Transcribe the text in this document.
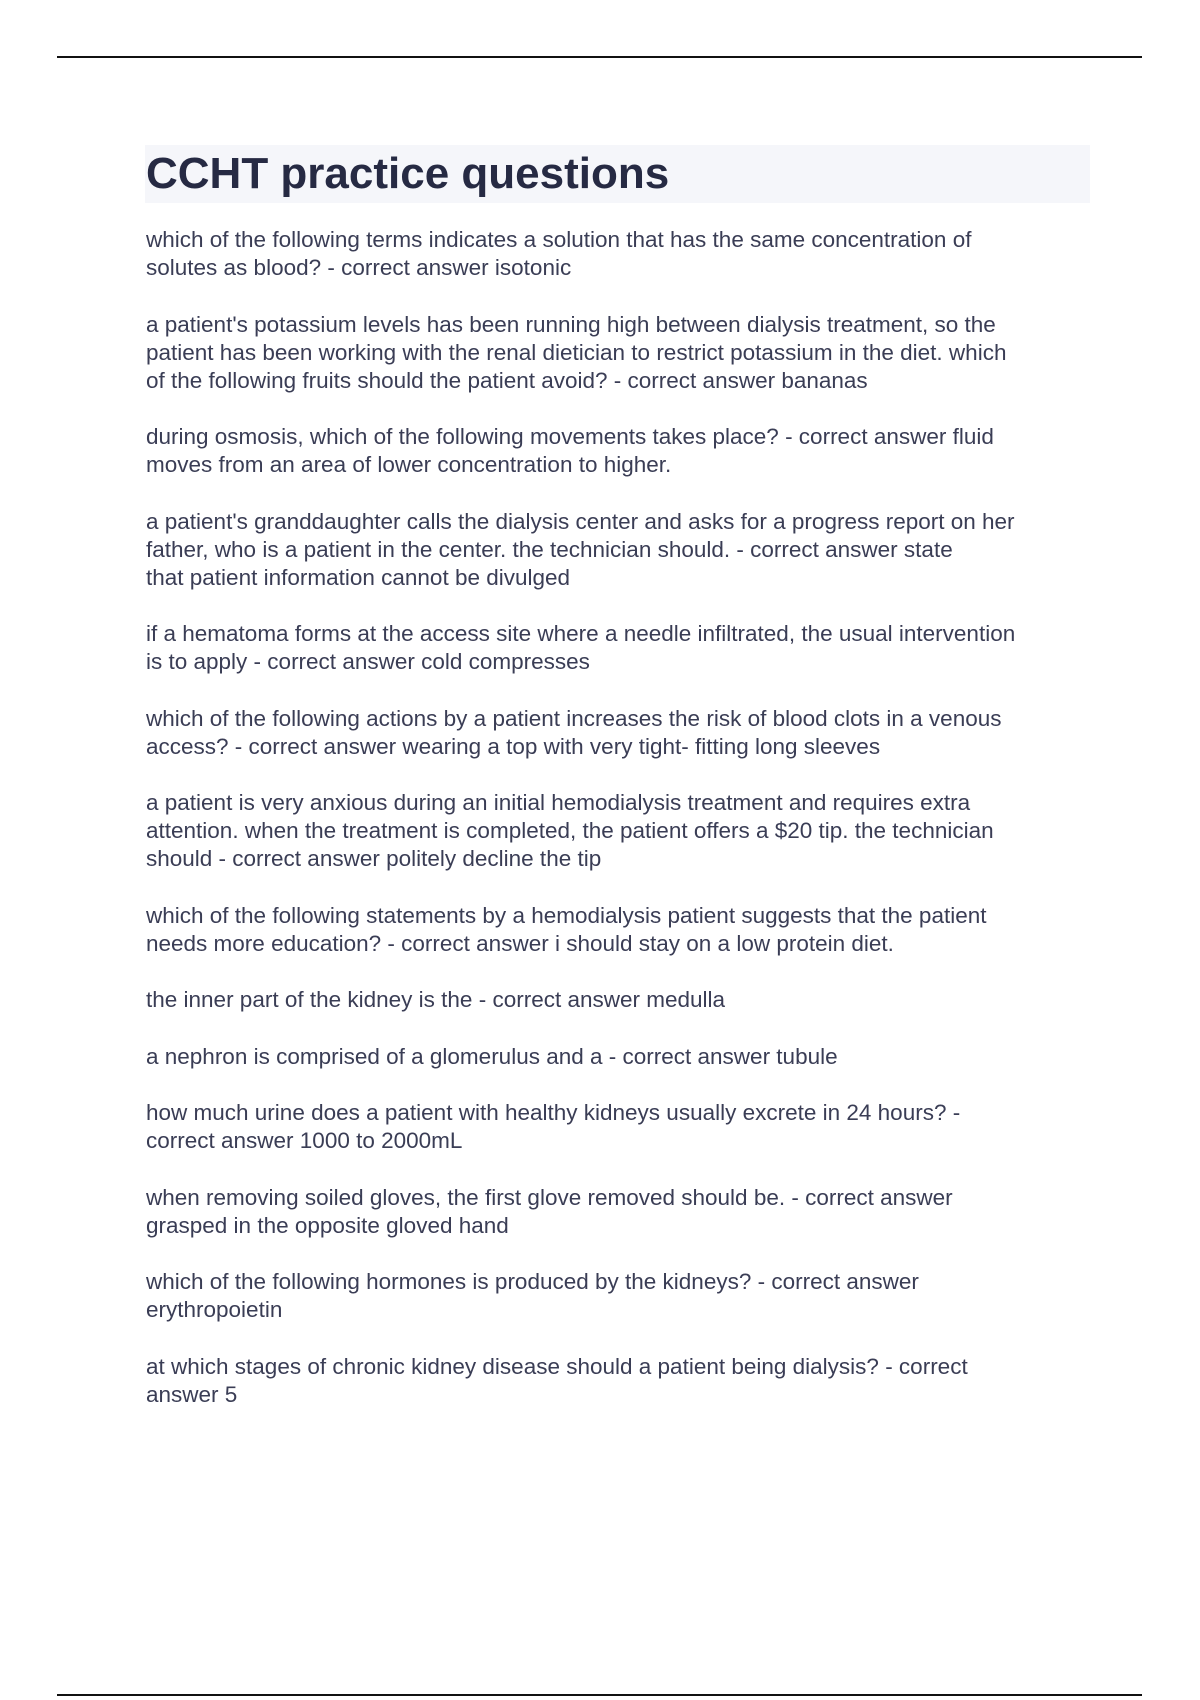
CCHT practice questions
which of the following terms indicates a solution that has the same concentration of
solutes as blood? - correct answer isotonic
a patient's potassium levels has been running high between dialysis treatment, so the
patient has been working with the renal dietician to restrict potassium in the diet. which
of the following fruits should the patient avoid? - correct answer bananas
during osmosis, which of the following movements takes place? - correct answer fluid
moves from an area of lower concentration to higher.
a patient's granddaughter calls the dialysis center and asks for a progress report on her
father, who is a patient in the center. the technician should. - correct answer state
that patient information cannot be divulged
if a hematoma forms at the access site where a needle infiltrated, the usual intervention
is to apply - correct answer cold compresses
which of the following actions by a patient increases the risk of blood clots in a venous
access? - correct answer wearing a top with very tight- fitting long sleeves
a patient is very anxious during an initial hemodialysis treatment and requires extra
attention. when the treatment is completed, the patient offers a $20 tip. the technician
should - correct answer politely decline the tip
which of the following statements by a hemodialysis patient suggests that the patient
needs more education? - correct answer i should stay on a low protein diet.
the inner part of the kidney is the - correct answer medulla
a nephron is comprised of a glomerulus and a - correct answer tubule
how much urine does a patient with healthy kidneys usually excrete in 24 hours? -
correct answer 1000 to 2000mL
when removing soiled gloves, the first glove removed should be. - correct answer
grasped in the opposite gloved hand
which of the following hormones is produced by the kidneys? - correct answer
erythropoietin
at which stages of chronic kidney disease should a patient being dialysis? - correct
answer 5
